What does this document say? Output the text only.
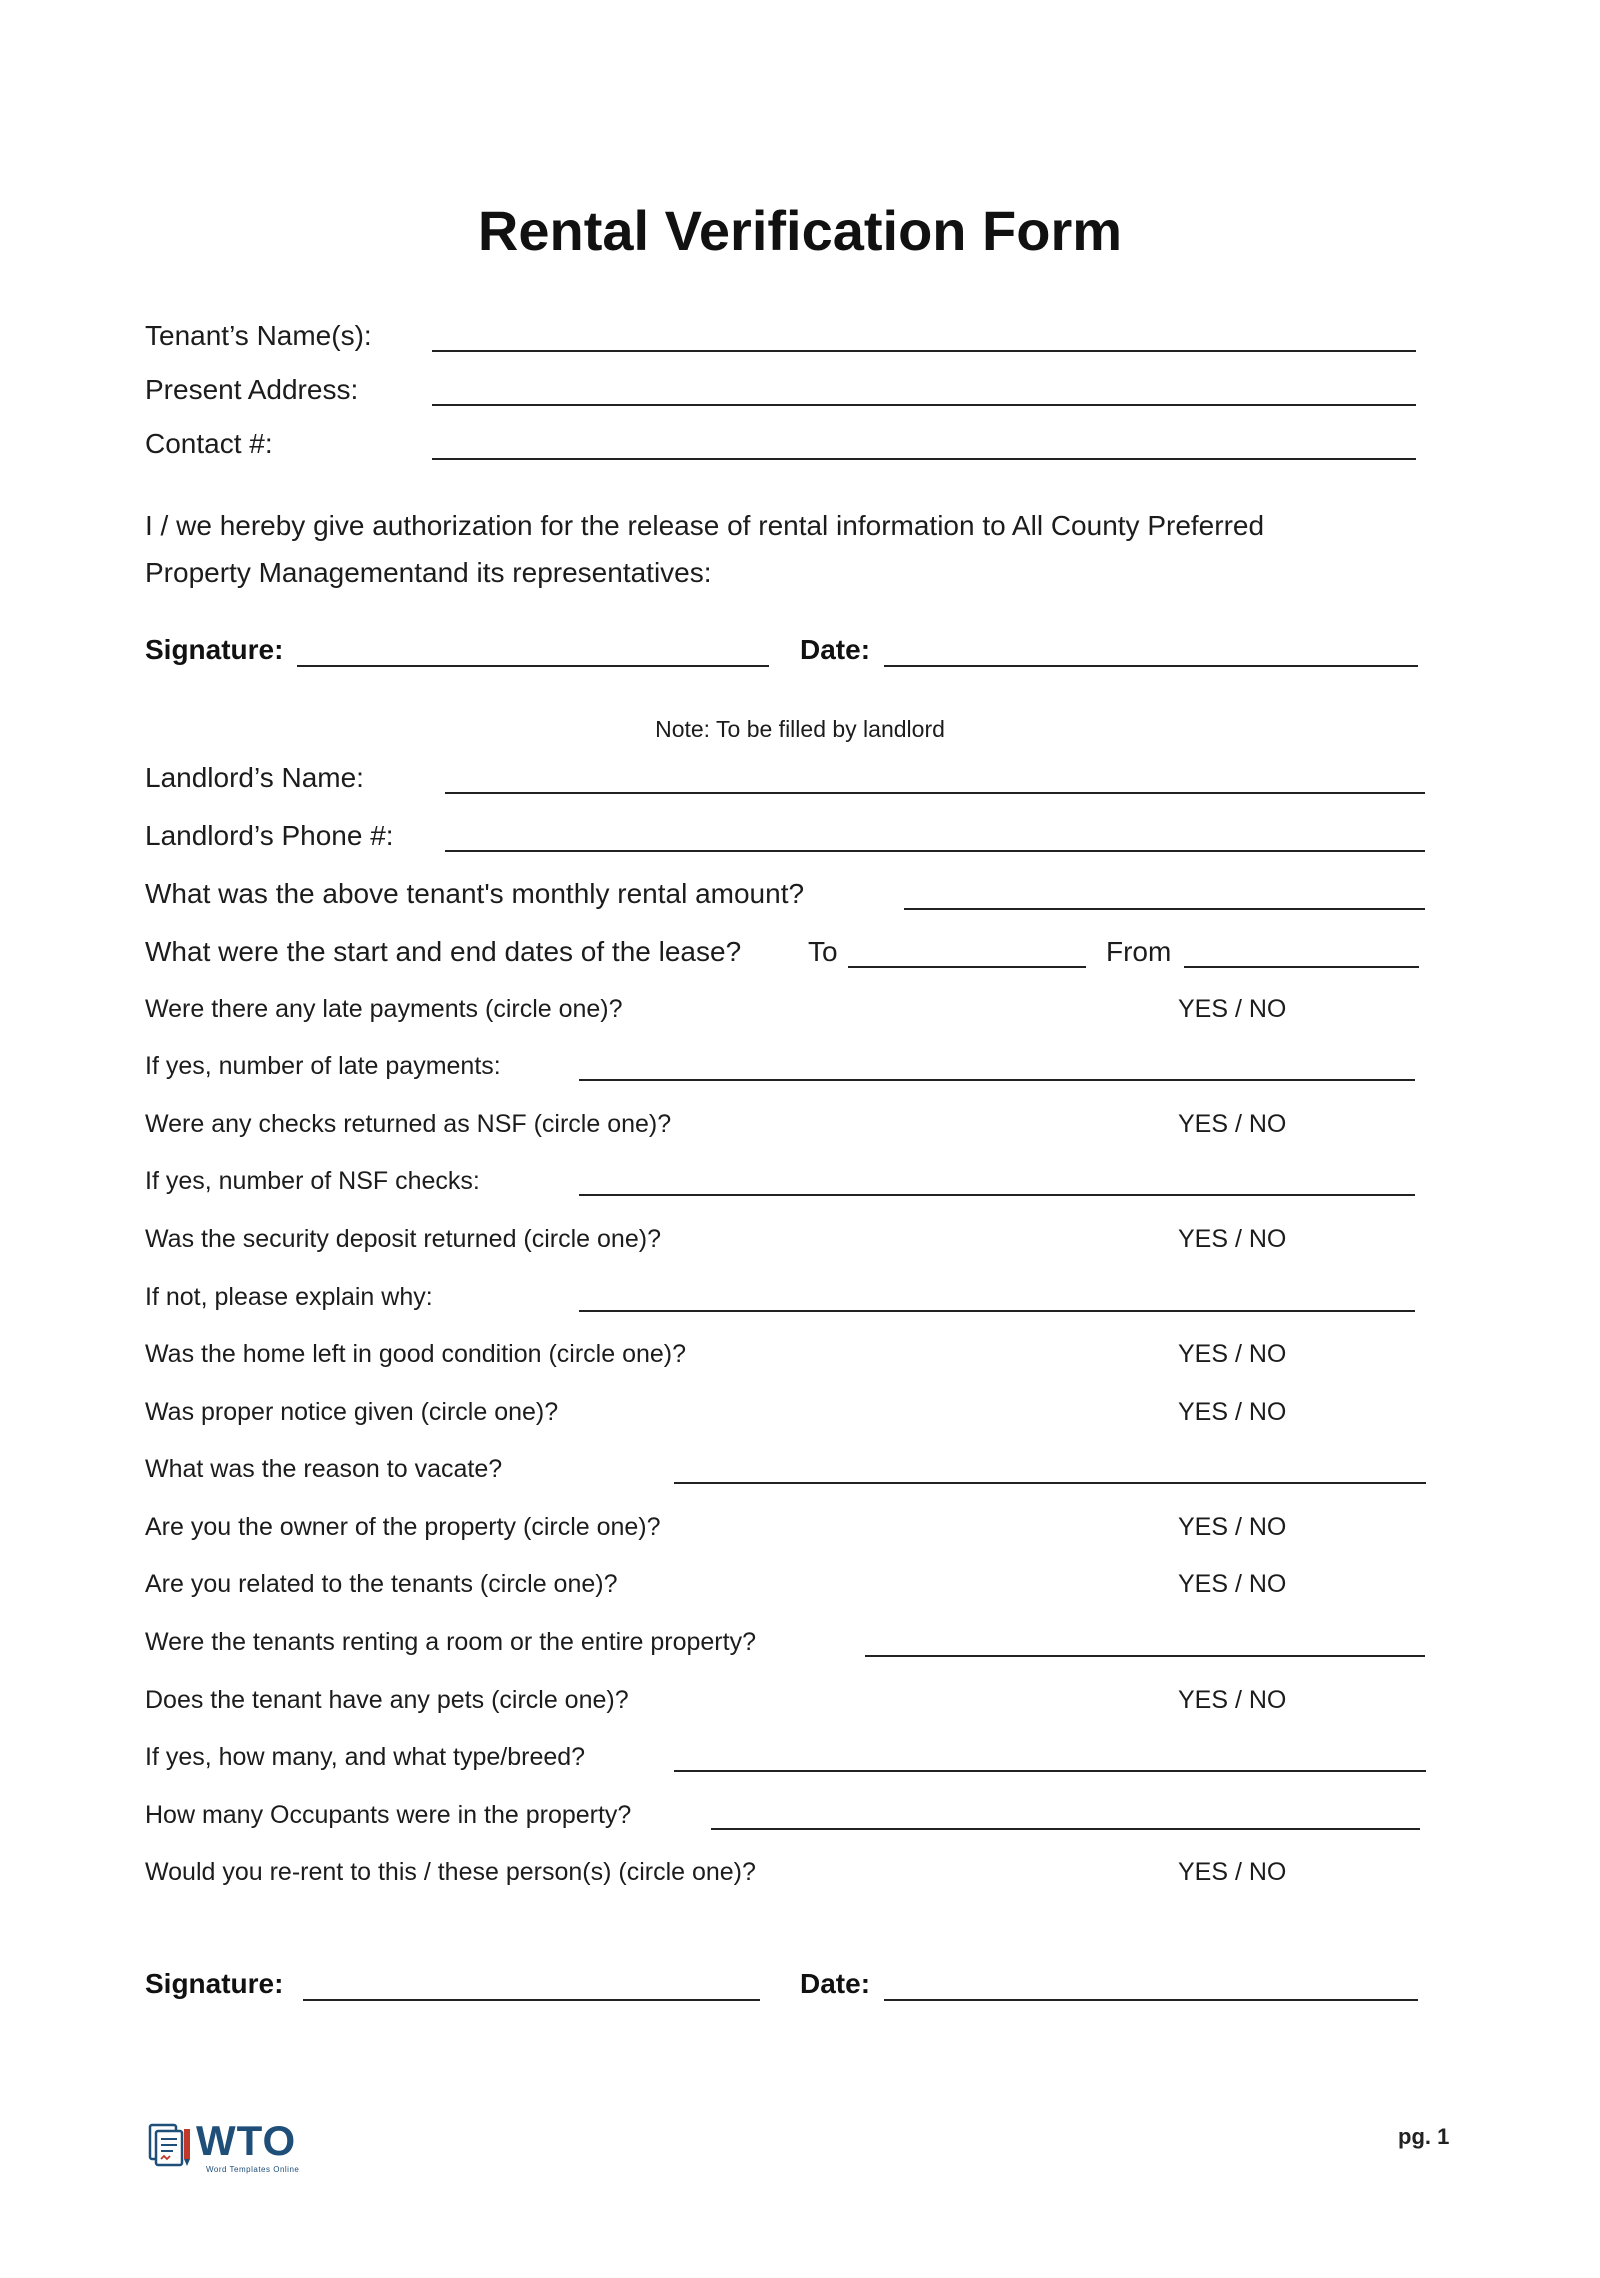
Rental Verification Form
Tenant’s Name(s):
Present Address:
Contact #:
I / we hereby give authorization for the release of rental information to All County Preferred
Property Managementand its representatives:
Signature:	Date:
Note: To be filled by landlord
Landlord’s Name:
Landlord’s Phone #:
What was the above tenant's monthly rental amount?
What were the start and end dates of the lease? To	From
Were there any late payments (circle one)?	YES / NO
If yes, number of late payments:
Were any checks returned as NSF (circle one)?	YES / NO
If yes, number of NSF checks:
Was the security deposit returned (circle one)?	YES / NO
If not, please explain why:
Was the home left in good condition (circle one)?	YES / NO
Was proper notice given (circle one)?	YES / NO
What was the reason to vacate?
Are you the owner of the property (circle one)?	YES / NO
Are you related to the tenants (circle one)?	YES / NO
Were the tenants renting a room or the entire property?
Does the tenant have any pets (circle one)?	YES / NO
If yes, how many, and what type/breed?
How many Occupants were in the property?
Would you re-rent to this / these person(s) (circle one)?	YES / NO
Signature:	Date:
WTO
Word Templates Online
pg. 1
